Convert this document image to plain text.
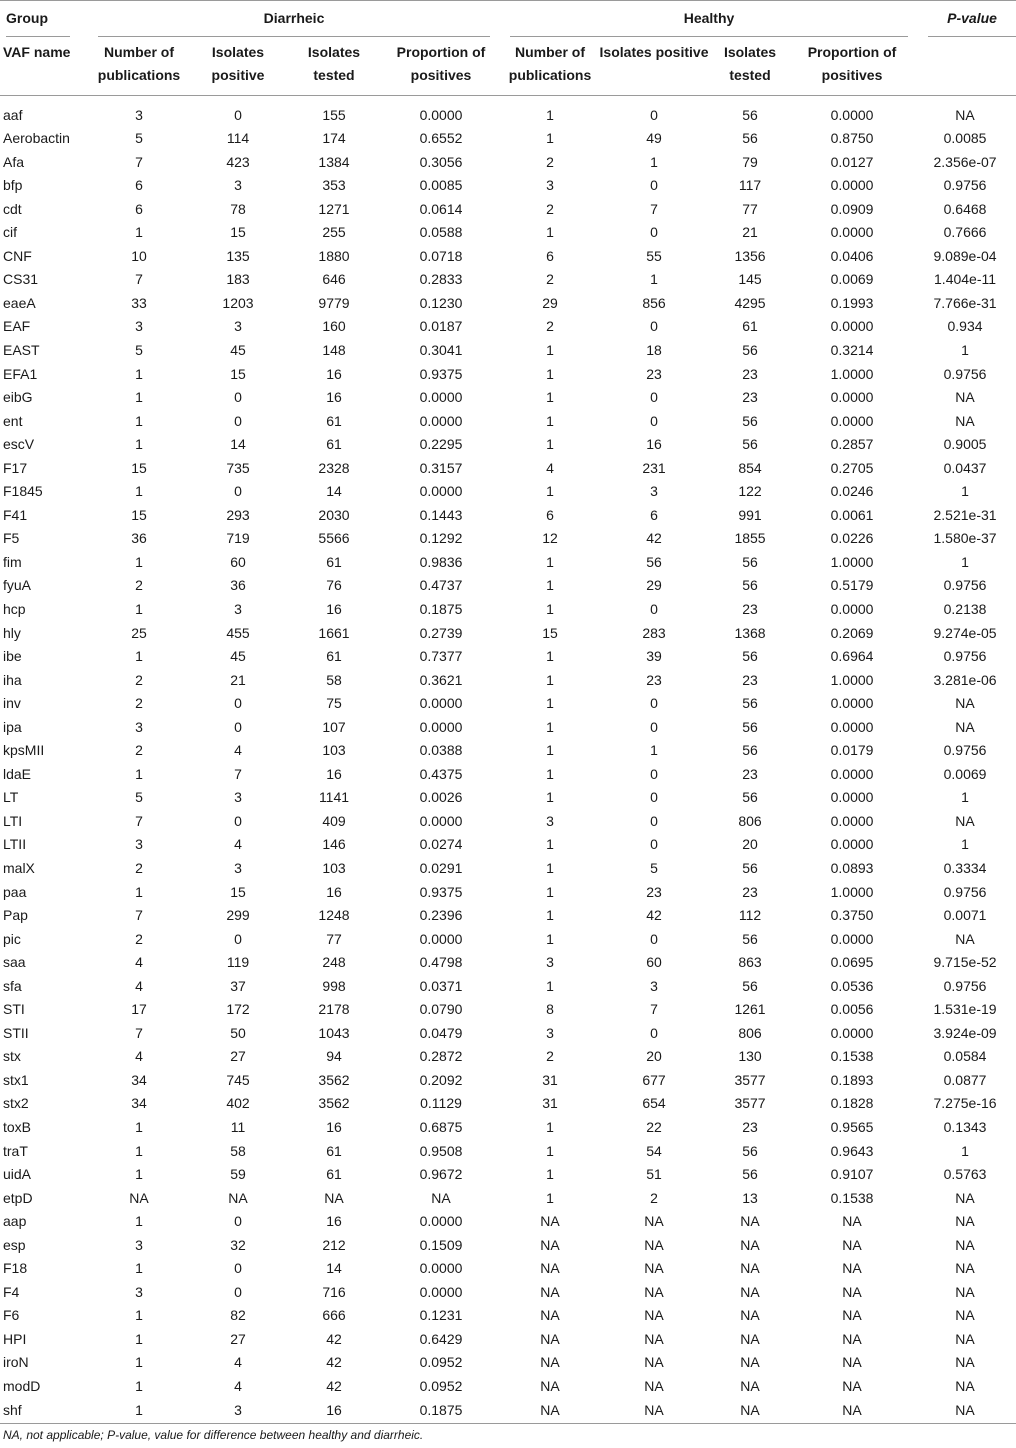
Group	Diarrheic				Healthy				P-value

VAF name	Number of publications	Isolates positive	Isolates tested	Proportion of positives	Number of publications	Isolates positive	Isolates tested	Proportion of positives	

aaf	3	0	155	0.0000	1	0	56	0.0000	NA
Aerobactin	5	114	174	0.6552	1	49	56	0.8750	0.0085
Afa	7	423	1384	0.3056	2	1	79	0.0127	2.356e-07
bfp	6	3	353	0.0085	3	0	117	0.0000	0.9756
cdt	6	78	1271	0.0614	2	7	77	0.0909	0.6468
cif	1	15	255	0.0588	1	0	21	0.0000	0.7666
CNF	10	135	1880	0.0718	6	55	1356	0.0406	9.089e-04
CS31	7	183	646	0.2833	2	1	145	0.0069	1.404e-11
eaeA	33	1203	9779	0.1230	29	856	4295	0.1993	7.766e-31
EAF	3	3	160	0.0187	2	0	61	0.0000	0.934
EAST	5	45	148	0.3041	1	18	56	0.3214	1
EFA1	1	15	16	0.9375	1	23	23	1.0000	0.9756
eibG	1	0	16	0.0000	1	0	23	0.0000	NA
ent	1	0	61	0.0000	1	0	56	0.0000	NA
escV	1	14	61	0.2295	1	16	56	0.2857	0.9005
F17	15	735	2328	0.3157	4	231	854	0.2705	0.0437
F1845	1	0	14	0.0000	1	3	122	0.0246	1
F41	15	293	2030	0.1443	6	6	991	0.0061	2.521e-31
F5	36	719	5566	0.1292	12	42	1855	0.0226	1.580e-37
fim	1	60	61	0.9836	1	56	56	1.0000	1
fyuA	2	36	76	0.4737	1	29	56	0.5179	0.9756
hcp	1	3	16	0.1875	1	0	23	0.0000	0.2138
hly	25	455	1661	0.2739	15	283	1368	0.2069	9.274e-05
ibe	1	45	61	0.7377	1	39	56	0.6964	0.9756
iha	2	21	58	0.3621	1	23	23	1.0000	3.281e-06
inv	2	0	75	0.0000	1	0	56	0.0000	NA
ipa	3	0	107	0.0000	1	0	56	0.0000	NA
kpsMII	2	4	103	0.0388	1	1	56	0.0179	0.9756
ldaE	1	7	16	0.4375	1	0	23	0.0000	0.0069
LT	5	3	1141	0.0026	1	0	56	0.0000	1
LTI	7	0	409	0.0000	3	0	806	0.0000	NA
LTII	3	4	146	0.0274	1	0	20	0.0000	1
malX	2	3	103	0.0291	1	5	56	0.0893	0.3334
paa	1	15	16	0.9375	1	23	23	1.0000	0.9756
Pap	7	299	1248	0.2396	1	42	112	0.3750	0.0071
pic	2	0	77	0.0000	1	0	56	0.0000	NA
saa	4	119	248	0.4798	3	60	863	0.0695	9.715e-52
sfa	4	37	998	0.0371	1	3	56	0.0536	0.9756
STI	17	172	2178	0.0790	8	7	1261	0.0056	1.531e-19
STII	7	50	1043	0.0479	3	0	806	0.0000	3.924e-09
stx	4	27	94	0.2872	2	20	130	0.1538	0.0584
stx1	34	745	3562	0.2092	31	677	3577	0.1893	0.0877
stx2	34	402	3562	0.1129	31	654	3577	0.1828	7.275e-16
toxB	1	11	16	0.6875	1	22	23	0.9565	0.1343
traT	1	58	61	0.9508	1	54	56	0.9643	1
uidA	1	59	61	0.9672	1	51	56	0.9107	0.5763
etpD	NA	NA	NA	NA	1	2	13	0.1538	NA
aap	1	0	16	0.0000	NA	NA	NA	NA	NA
esp	3	32	212	0.1509	NA	NA	NA	NA	NA
F18	1	0	14	0.0000	NA	NA	NA	NA	NA
F4	3	0	716	0.0000	NA	NA	NA	NA	NA
F6	1	82	666	0.1231	NA	NA	NA	NA	NA
HPI	1	27	42	0.6429	NA	NA	NA	NA	NA
iroN	1	4	42	0.0952	NA	NA	NA	NA	NA
modD	1	4	42	0.0952	NA	NA	NA	NA	NA
shf	1	3	16	0.1875	NA	NA	NA	NA	NA
NA, not applicable; P-value, value for difference between healthy and diarrheic.
